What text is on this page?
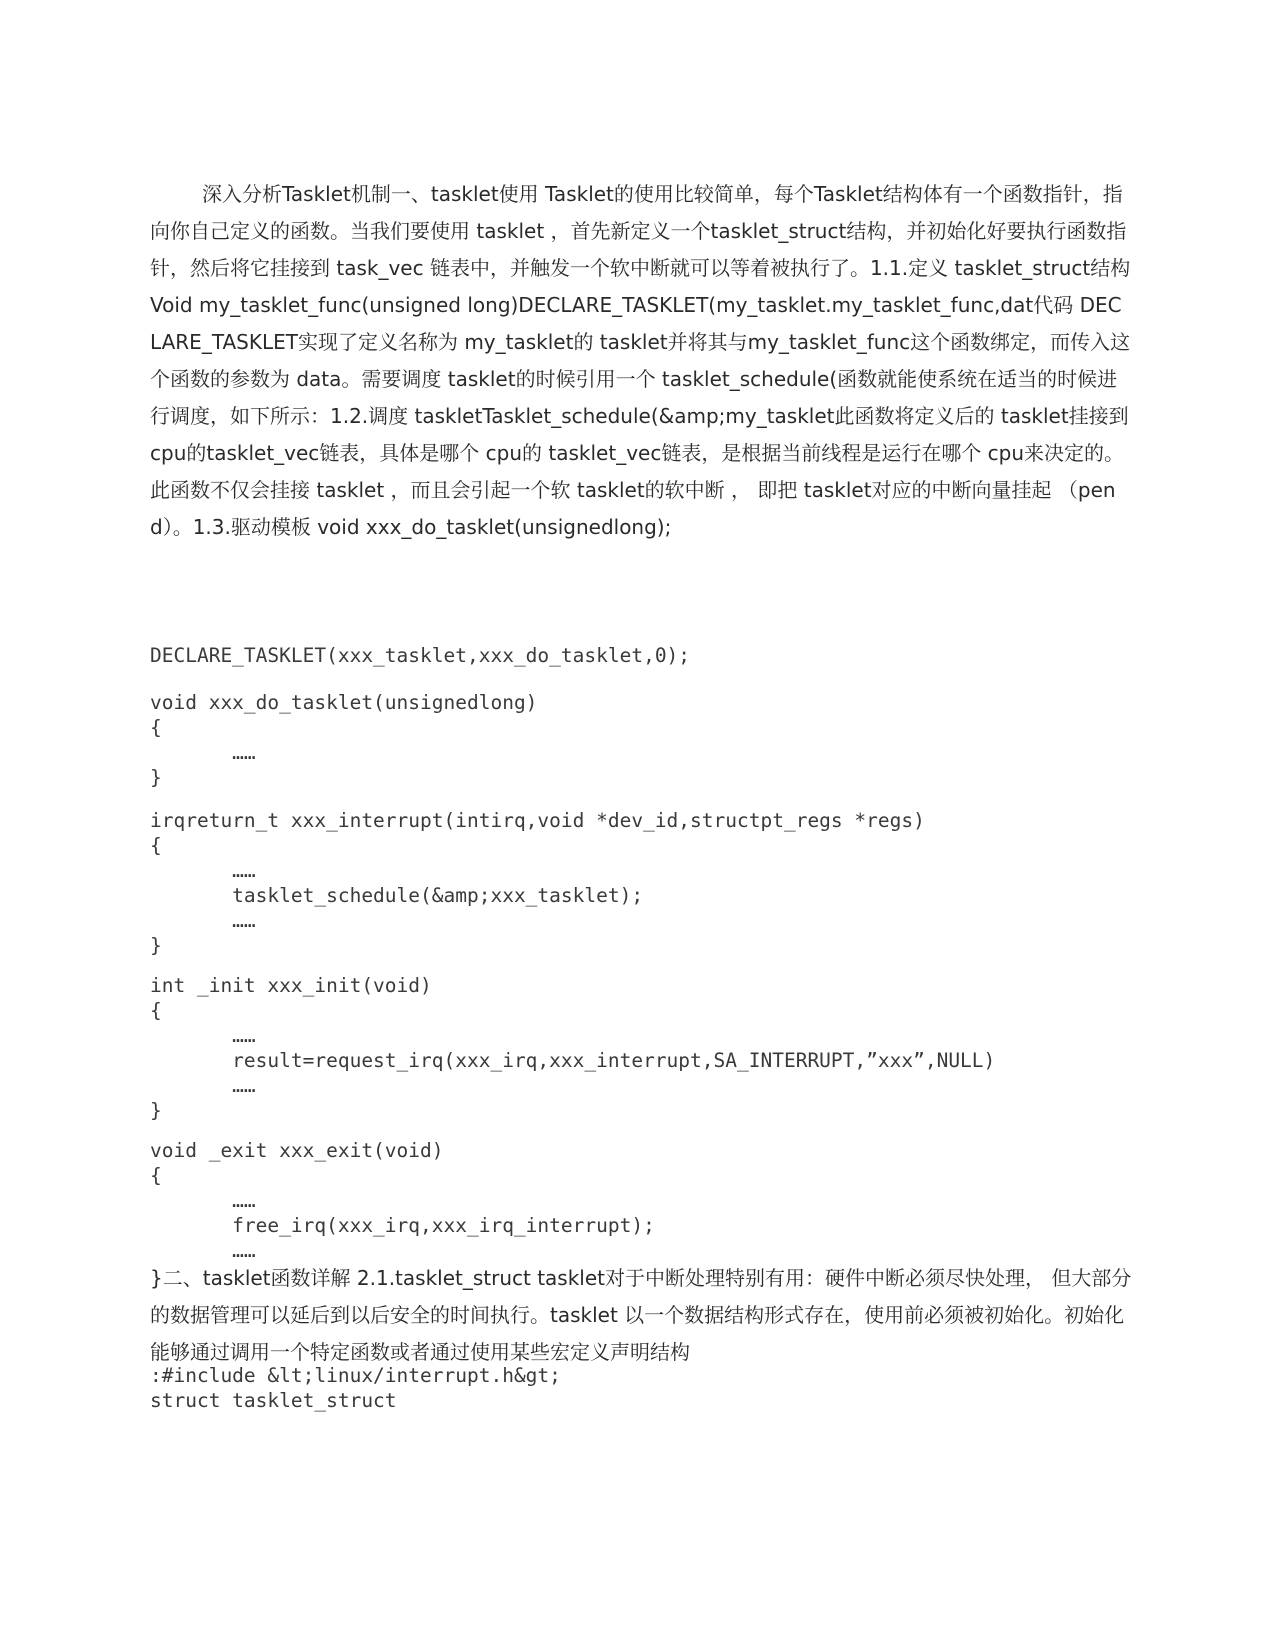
深入分析Tasklet机制一、tasklet使用 Tasklet的使用比较简单，每个Tasklet结构体有一个函数指针，指向你自己定义的函数。当我们要使用 tasklet ，首先新定义一个tasklet_struct结构，并初始化好要执行函数指针，然后将它挂接到 task_vec 链表中，并触发一个软中断就可以等着被执行了。1.1.定义 tasklet_struct结构 Void my_tasklet_func(unsigned long)DECLARE_TASKLET(my_tasklet.my_tasklet_func,dat代码 DECLARE_TASKLET实现了定义名称为 my_tasklet的 tasklet并将其与my_tasklet_func这个函数绑定，而传入这个函数的参数为 data。需要调度 tasklet的时候引用一个 tasklet_schedule(函数就能使系统在适当的时候进行调度，如下所示：1.2.调度 taskletTasklet_schedule(&amp;my_tasklet此函数将定义后的 tasklet挂接到cpu的tasklet_vec链表，具体是哪个 cpu的 tasklet_vec链表，是根据当前线程是运行在哪个 cpu来决定的。此函数不仅会挂接 tasklet ，而且会引起一个软 tasklet的软中断 ， 即把 tasklet对应的中断向量挂起 （pend）。1.3.驱动模板 void xxx_do_tasklet(unsignedlong);

DECLARE_TASKLET(xxx_tasklet,xxx_do_tasklet,0);
void xxx_do_tasklet(unsignedlong)
{
……
}
irqreturn_t xxx_interrupt(intirq,void *dev_id,structpt_regs *regs)
{
……
tasklet_schedule(&amp;xxx_tasklet);
……
}
int _init xxx_init(void)
{
……
result=request_irq(xxx_irq,xxx_interrupt,SA_INTERRUPT,”xxx”,NULL)
……
}
void _exit xxx_exit(void)
{
……
free_irq(xxx_irq,xxx_irq_interrupt);
……

}二、tasklet函数详解 2.1.tasklet_struct tasklet对于中断处理特别有用：硬件中断必须尽快处理， 但大部分的数据管理可以延后到以后安全的时间执行。tasklet 以一个数据结构形式存在，使用前必须被初始化。初始化能够通过调用一个特定函数或者通过使用某些宏定义声明结构

:#include &lt;linux/interrupt.h&gt;
struct tasklet_struct
